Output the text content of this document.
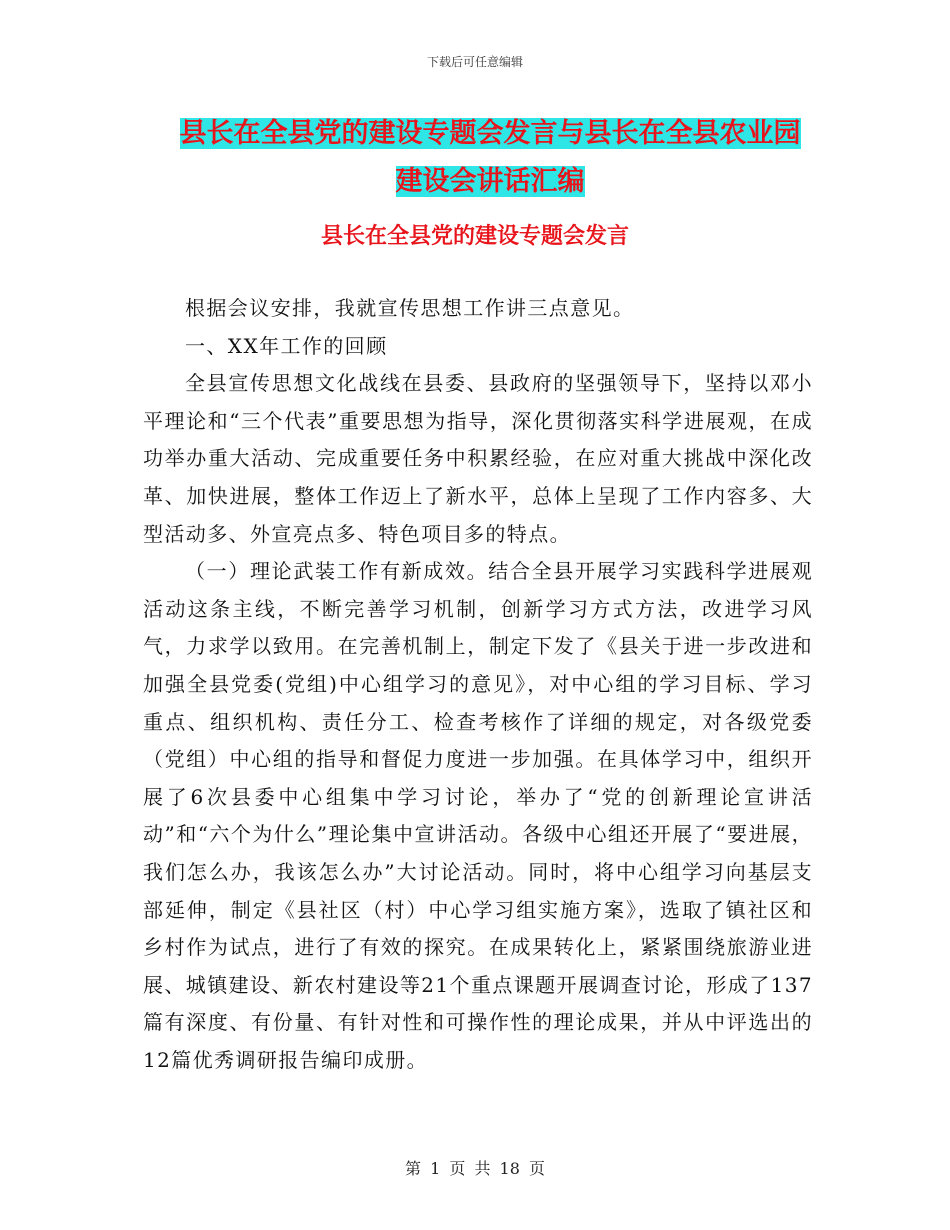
下载后可任意编辑
县长在全县党的建设专题会发言与县长在全县农业园
建设会讲话汇编
县长在全县党的建设专题会发言

根据会议安排，我就宣传思想工作讲三点意见。

一、XX年工作的回顾

全县宣传思想文化战线在县委、县政府的坚强领导下，坚持以邓小平理论和“三个代表”重要思想为指导，深化贯彻落实科学进展观，在成功举办重大活动、完成重要任务中积累经验，在应对重大挑战中深化改革、加快进展，整体工作迈上了新水平，总体上呈现了工作内容多、大型活动多、外宣亮点多、特色项目多的特点。

（一）理论武装工作有新成效。结合全县开展学习实践科学进展观活动这条主线，不断完善学习机制，创新学习方式方法，改进学习风气，力求学以致用。在完善机制上，制定下发了《县关于进一步改进和加强全县党委(党组)中心组学习的意见》，对中心组的学习目标、学习重点、组织机构、责任分工、检查考核作了详细的规定，对各级党委（党组）中心组的指导和督促力度进一步加强。在具体学习中，组织开展了6次县委中心组集中学习讨论，举办了“党的创新理论宣讲活动”和“六个为什么”理论集中宣讲活动。各级中心组还开展了“要进展，我们怎么办，我该怎么办”大讨论活动。同时，将中心组学习向基层支部延伸，制定《县社区（村）中心学习组实施方案》，选取了镇社区和乡村作为试点，进行了有效的探究。在成果转化上，紧紧围绕旅游业进展、城镇建设、新农村建设等21个重点课题开展调查讨论，形成了137篇有深度、有份量、有针对性和可操作性的理论成果，并从中评选出的12篇优秀调研报告编印成册。

第 1 页 共 18 页
